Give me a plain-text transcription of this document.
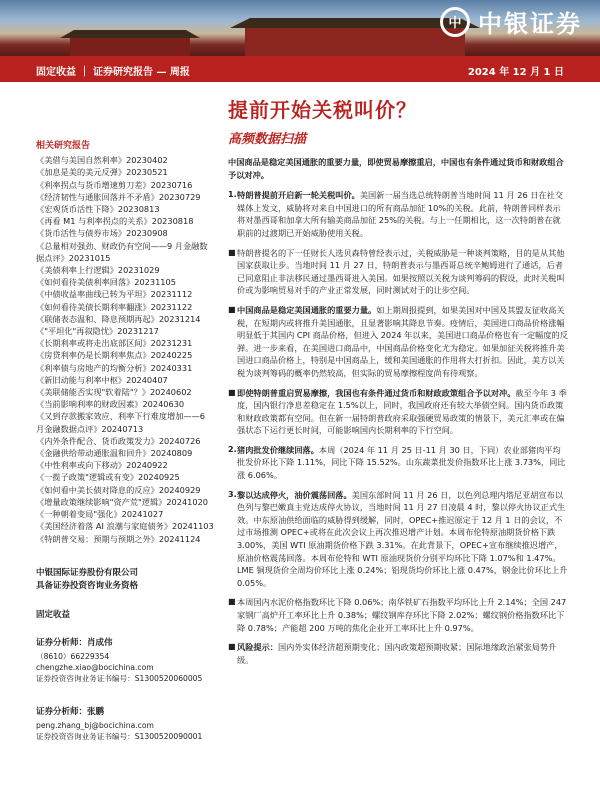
中 中银证券
固定收益 ｜ 证券研究报告 — 周报	2024 年 12 月 1 日
提前开始关税叫价？
高频数据扫描
相关研究报告
《美借与美国自然利率》20230402
《加息是美的美元反弹》20230521
《利率拐点与货币增速剪刀差》20230716
《经济韧性与通胀回落并不矛盾》20230729
《宏观货币活性下降》20230813
《再看 M1 与利率拐点的关系》20230818
《货币活性与债券市场》20230908
《总量相对强劲、财政仍有空间——9 月金融数据点评》20231015
《美债利率上行逻辑》20231029
《如何看待美债利率回落》20231105
《中债收益率曲线已转为平坦》20231112
《如何看待美债长期利率翻涨》20231122
《联储表态温和、降息预期再起》20231214
《"平坦化"再叙隐忧》20231217
《长期利率或将走出底部区间》20231231
《房贷利率仍是长期利率焦点》20240225
《利率债与房地产的均衡分析》20240331
《新旧动能与利率中枢》20240407
《美联储能否实现"软着陆"？》20240602
《当前影响利率的财政因素》20240630
《又到存款搬家效应、利率下行难度增加——6 月金融数据点评》20240713
《内外条件配合、货币政策发力》20240726
《金融供给带动通胀温和回升》20240809
《中性利率或向下移动》20240922
《一揽子政策"逻辑或有变》20240925
《如何看中美长债对降息的反应》20240929
《增量政策继续影响"资产荒"逻辑》20241020
《一种朝着变局"强化》20241027
《美国经济着落 AI 浪潮与家庭债务》20241103
《特朗普交易：预期与预期之外》20241124
中银国际证券股份有限公司
具备证券投资咨询业务资格
固定收益
证券分析师：肖成伟
（8610）66229354
chengzhe.xiao@bocichina.com
证券投资咨询业务证书编号：S1300520060005
证券分析师：张鹏
peng.zhang_bj@bocichina.com
证券投资咨询业务证书编号：S1300520090001
中国商品是稳定美国通胀的重要力量，即使贸易摩擦重启，中国也有条件通过货币和财政组合予以对冲。
1. 特朗普提前开启新一轮关税叫价。美国新一届当选总统特朗普当地时间 11 月 26 日在社交媒体上发文，威胁将对来自中国进口的所有商品加征 10%的关税。此前，特朗普同样表示将对墨西哥和加拿大所有输美商品加征 25%的关税。与上一任期相比，这一次特朗普在就职前的过渡期已开始威胁使用关税。
■ 特朗普提名的下一任财长人选贝森特曾经表示过，关税威胁是一种谈判策略，目的是从其他国家获取让步。当地时间 11 月 27 日，特朗普表示与墨西哥总统辛鲍姆进行了通话，后者已同意阻止非法移民通过墨西哥进入美国。如果按照以关税为谈判筹码的假设，此时关税叫价或为影响贸易对手的产业正常发展，同时测试对于的让步空间。
■ 中国商品是稳定美国通胀的重要力量。如上期周报提到，如果美国对中国及其盟友征收高关税，在短期内或将推升美国通胀，且显著影响其降息节奏。疫情后，美国进口商品价格涨幅明显低于其国内 CPI 商品价格，但进入 2024 年以来，美国进口商品价格也有一定幅度的反弹。进一步来看，在美国进口商品中，中国商品价格变化尤为稳定。如果加征关税将推升美国进口商品价格上，特别是中国商品上，缓和美国通胀的作用将大打折扣。因此，美方以关税为谈判筹码的概率仍然较高，但实际的贸易摩擦程度尚有待观察。
■ 即使特朗普重启贸易摩擦，我国也有条件通过货币和财政政策组合予以对冲。截至今年 3 季度，国内银行净息差稳定在 1.5%以上，同时，我国政府还有较大举债空间。国内货币政策和财政政策都有空间。但在新一届特朗普政府采取强硬贸易政策的情景下，美元汇率或在偏强状态下运行更长时间，可能影响国内长期利率的下行空间。
2. 猪肉批发价继续回落。本周（2024 年 11 月 25 日-11 月 30 日，下同）农业部猪肉平均批发价环比下降 1.11%，同比下降 15.52%。山东蔬菜批发价指数环比上涨 3.73%，同比涨 6.06%。
3. 黎以达成停火，油价震荡回落。美国东部时间 11 月 26 日，以色列总理内塔尼亚胡宣布以色列与黎巴嫩真主党达成停火协议，当地时间 11 月 27 日凌晨 4 时，黎以停火协议正式生效。中东原油供给面临的威胁得到缓解，同时，OPEC+推迟原定于 12 月 1 日的会议，不过市场推测 OPEC+或将在此次会议上再次推迟增产计划。本周布伦特原油期货价格下跌 3.00%，美国 WTI 原油期货价格下跌 3.31%。在此背景下，OPEC+宣布继续推迟增产，原油价格震荡回落。本周布伦特和 WTI 原油现货价分别平均环比下降 1.07%和 1.47%。LME 铜现货价全周均价环比上涨 0.24%；铝现货均价环比上涨 0.47%，钢金比价环比上升 0.05%。
■ 本周国内水泥价格指数环比下降 0.06%；南华铁矿石指数平均环比上升 2.14%；全国 247 家钢厂高炉开工率环比上升 0.38%；螺纹钢库存环比下降 2.02%；螺纹钢价格指数环比下降 0.78%；产能超 200 万吨的焦化企业开工率环比上升 0.97%。
■ 风险提示：国内外实体经济超预期变化；国内政策超预期收紧；国际地缘政治紧张局势升级。
